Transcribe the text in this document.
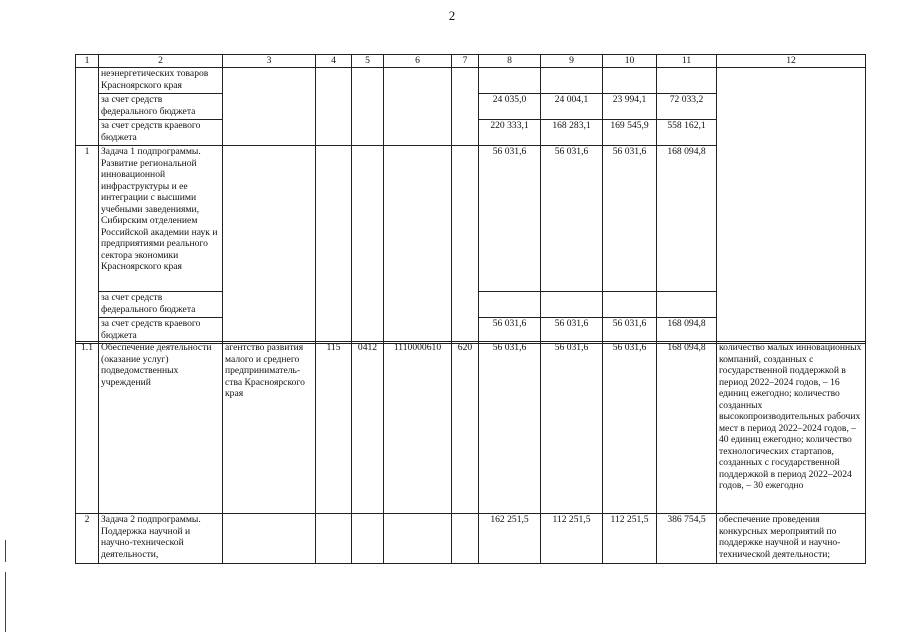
2
1	2	3	4	5	6	7	8	9	10	11	12
	неэнергетических товаров Красноярского края										
	за счет средств федерального бюджета						24 035,0	24 004,1	23 994,1	72 033,2	
	за счет средств краевого бюджета						220 333,1	168 283,1	169 545,9	558 162,1	
1	Задача 1 подпрограммы. Развитие региональной инновационной инфраструктуры и ее интеграции с высшими учебными заведениями, Сибирским отделением Российской академии наук и предприятиями реального сектора экономики Красноярского края						56 031,6	56 031,6	56 031,6	168 094,8	
	за счет средств федерального бюджета										
	за счет средств краевого бюджета						56 031,6	56 031,6	56 031,6	168 094,8	
1.1	Обеспечение деятельности (оказание услуг) подведомственных учреждений	агентство развития малого и среднего предприниматель-ства Красноярского края	115	0412	1110000610	620	56 031,6	56 031,6	56 031,6	168 094,8	количество малых инновационных компаний, созданных с государственной поддержкой в период 2022–2024 годов, – 16 единиц ежегодно; количество созданных высокопроизводительных рабочих мест в период 2022–2024 годов, – 40 единиц ежегодно; количество технологических стартапов, созданных с государственной поддержкой в период 2022–2024 годов, – 30 ежегодно
2	Задача 2 подпрограммы. Поддержка научной и научно-технической деятельности,						162 251,5	112 251,5	112 251,5	386 754,5	обеспечение проведения конкурсных мероприятий по поддержке научной и научно-технической деятельности;
